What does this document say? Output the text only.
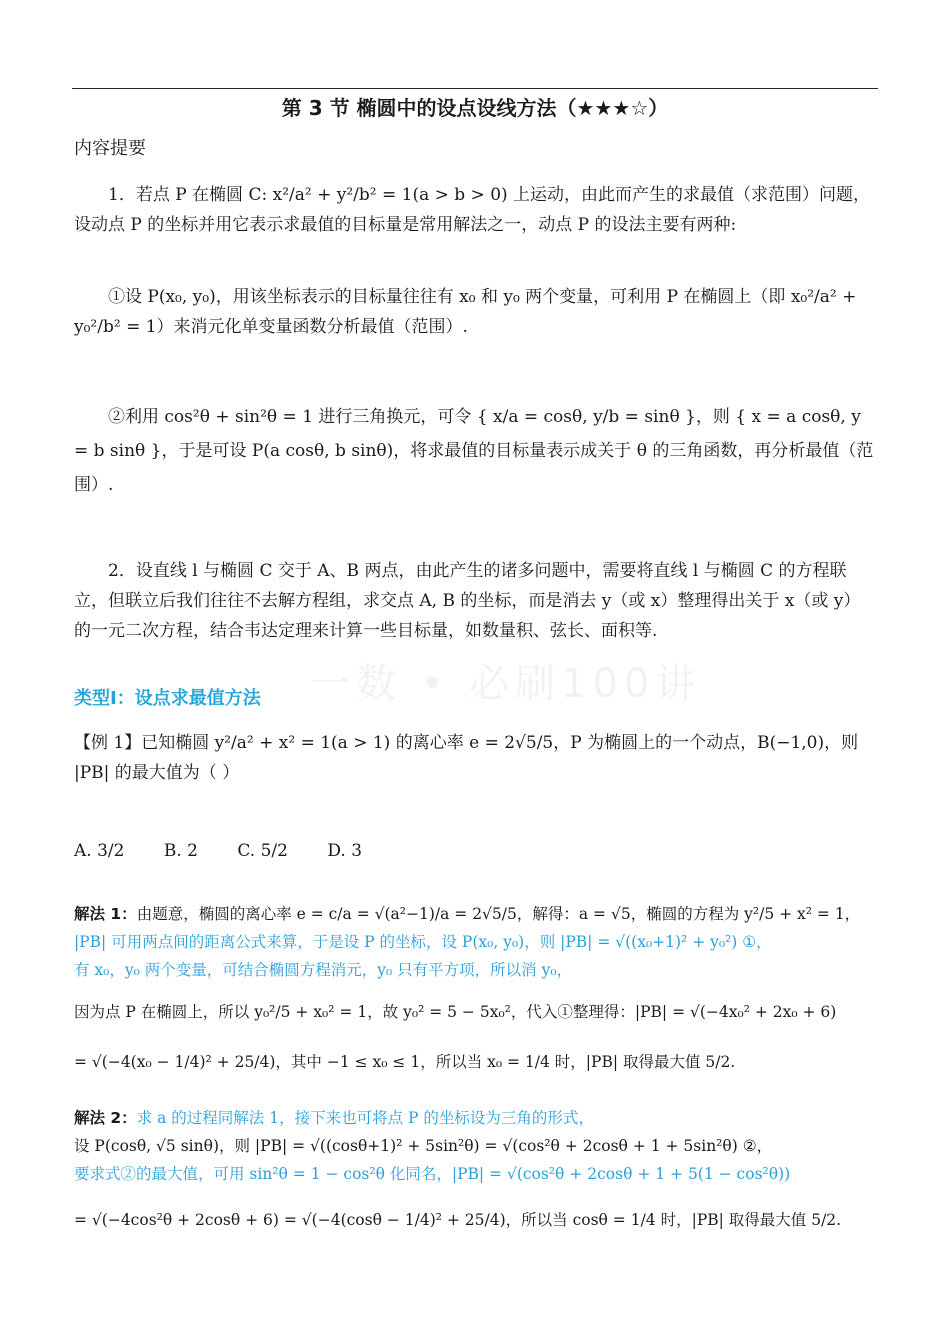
第 3 节 椭圆中的设点设线方法（★★★☆）
内容提要
1．若点 P 在椭圆 C: x²/a² + y²/b² = 1(a > b > 0) 上运动，由此而产生的求最值（求范围）问题，设动点 P 的坐标并用它表示求最值的目标量是常用解法之一，动点 P 的设法主要有两种:
①设 P(x₀, y₀)，用该坐标表示的目标量往往有 x₀ 和 y₀ 两个变量，可利用 P 在椭圆上（即 x₀²/a² + y₀²/b² = 1）来消元化单变量函数分析最值（范围）.
②利用 cos²θ + sin²θ = 1 进行三角换元，可令 { x/a = cosθ, y/b = sinθ }，则 { x = a cosθ, y = b sinθ }，于是可设 P(a cosθ, b sinθ)，将求最值的目标量表示成关于 θ 的三角函数，再分析最值（范围）.
2．设直线 l 与椭圆 C 交于 A、B 两点，由此产生的诸多问题中，需要将直线 l 与椭圆 C 的方程联立，但联立后我们往往不去解方程组，求交点 A, B 的坐标，而是消去 y（或 x）整理得出关于 x（或 y）的一元二次方程，结合韦达定理来计算一些目标量，如数量积、弦长、面积等.
一数 • 必刷100讲
类型Ⅰ：设点求最值方法
【例 1】已知椭圆 y²/a² + x² = 1(a > 1) 的离心率 e = 2√5/5，P 为椭圆上的一个动点，B(−1,0)，则 |PB| 的最大值为（ ）
A. 3/2 B. 2 C. 5/2 D. 3
解法 1：由题意，椭圆的离心率 e = c/a = √(a²−1)/a = 2√5/5，解得：a = √5，椭圆的方程为 y²/5 + x² = 1，
|PB| 可用两点间的距离公式来算，于是设 P 的坐标，设 P(x₀, y₀)，则 |PB| = √((x₀+1)² + y₀²) ①，
有 x₀，y₀ 两个变量，可结合椭圆方程消元，y₀ 只有平方项，所以消 y₀，
因为点 P 在椭圆上，所以 y₀²/5 + x₀² = 1，故 y₀² = 5 − 5x₀²，代入①整理得：|PB| = √(−4x₀² + 2x₀ + 6)
= √(−4(x₀ − 1/4)² + 25/4)，其中 −1 ≤ x₀ ≤ 1，所以当 x₀ = 1/4 时，|PB| 取得最大值 5/2.
解法 2：求 a 的过程同解法 1，接下来也可将点 P 的坐标设为三角的形式，
设 P(cosθ, √5 sinθ)，则 |PB| = √((cosθ+1)² + 5sin²θ) = √(cos²θ + 2cosθ + 1 + 5sin²θ) ②，
要求式②的最大值，可用 sin²θ = 1 − cos²θ 化同名，|PB| = √(cos²θ + 2cosθ + 1 + 5(1 − cos²θ))
= √(−4cos²θ + 2cosθ + 6) = √(−4(cosθ − 1/4)² + 25/4)，所以当 cosθ = 1/4 时，|PB| 取得最大值 5/2.
